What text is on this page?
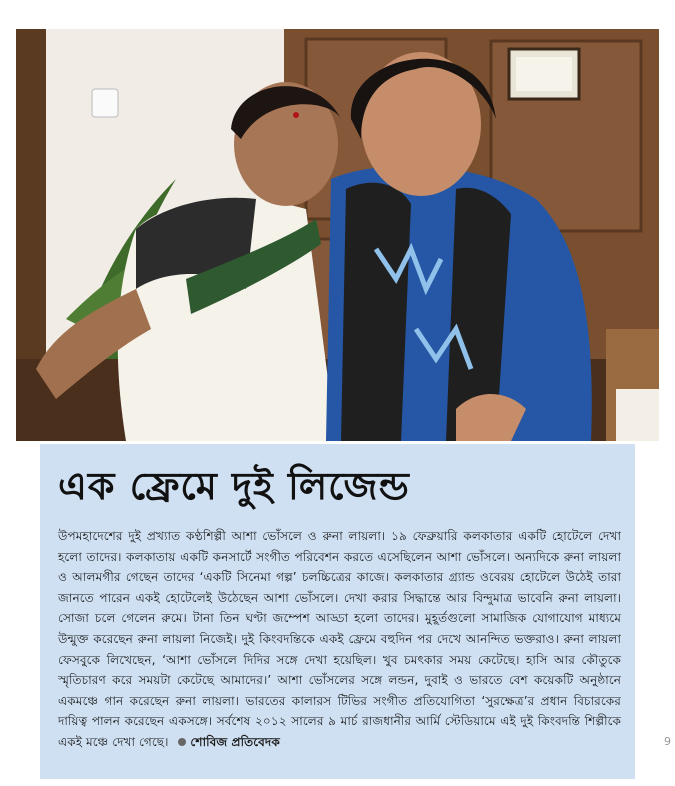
এক ফ্রেমে দুই লিজেন্ড

উপমহাদেশের দুই প্রখ্যাত কণ্ঠশিল্পী আশা ভোঁসলে ও রুনা লায়লা। ১৯ ফেব্রুয়ারি কলকাতার একটি হোটেলে দেখা হলো তাদের। কলকাতায় একটি কনসার্টে সংগীত পরিবেশন করতে এসেছিলেন আশা ভোঁসলে। অন্যদিকে রুনা লায়লা ও আলমগীর গেছেন তাদের ‘একটি সিনেমা গল্প’ চলচ্চিত্রের কাজে। কলকাতার গ্র্যান্ড ওবেরয় হোটেলে উঠেই তারা জানতে পারেন একই হোটেলেই উঠেছেন আশা ভোঁসলে। দেখা করার সিদ্ধান্তে আর বিন্দুমাত্র ভাবেনি রুনা লায়লা। সোজা চলে গেলেন রুমে। টানা তিন ঘণ্টা জম্পেশ আড্ডা হলো তাদের। মুহূর্তগুলো সামাজিক যোগাযোগ মাধ্যমে উন্মুক্ত করেছেন রুনা লায়লা নিজেই। দুই কিংবদন্তিকে একই ফ্রেমে বহুদিন পর দেখে আনন্দিত ভক্তরাও। রুনা লায়লা ফেসবুকে লিখেছেন, ‘আশা ভোঁসলে দিদির সঙ্গে দেখা হয়েছিল। খুব চমৎকার সময় কেটেছে। হাসি আর কৌতুকে স্মৃতিচারণ করে সময়টা কেটেছে আমাদের।’ আশা ভোঁসলের সঙ্গে লন্ডন, দুবাই ও ভারতে বেশ কয়েকটি অনুষ্ঠানে একমঞ্চে গান করেছেন রুনা লায়লা। ভারতের কালারস টিভির সংগীত প্রতিযোগিতা ‘সুরক্ষেত্র’র প্রধান বিচারকের দায়িত্ব পালন করেছেন একসঙ্গে। সর্বশেষ ২০১২ সালের ৯ মার্চ রাজধানীর আর্মি স্টেডিয়ামে এই দুই কিংবদন্তি শিল্পীকে একই মঞ্চে দেখা গেছে। শোবিজ প্রতিবেদক	9
